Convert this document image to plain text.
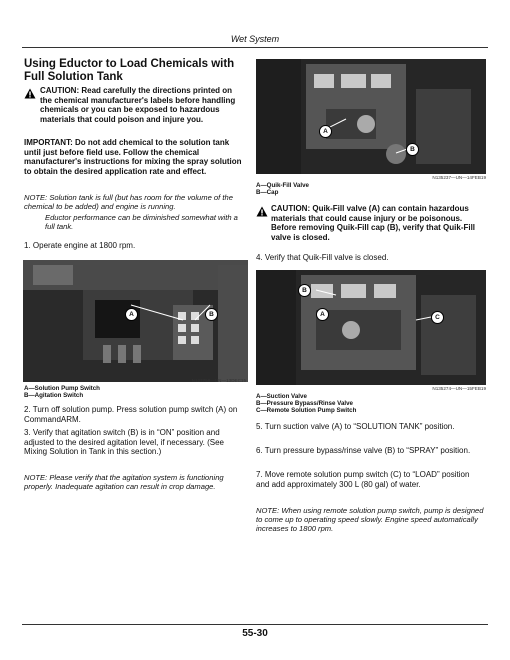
Wet System
Using Eductor to Load Chemicals with Full Solution Tank
CAUTION: Read carefully the directions printed on the chemical manufacturer's labels before handling chemicals or you can be exposed to hazardous materials that could poison and injure you.
IMPORTANT: Do not add chemical to the solution tank until just before field use. Follow the chemical manufacturer's instructions for mixing the spray solution to obtain the desired application rate and effect.
NOTE: Solution tank is full (but has room for the volume of the chemical to be added) and engine is running.
Eductor performance can be diminished somewhat with a full tank.
1. Operate engine at 1800 rpm.
A	B
N127759—UN—13DEC15
A—Solution Pump Switch
B—Agitation Switch
2. Turn off solution pump. Press solution pump switch (A) on CommandARM.
3. Verify that agitation switch (B) is in “ON” position and adjusted to the desired agitation level, if necessary. (See Mixing Solution in Tank in this section.)
NOTE: Please verify that the agitation system is functioning properly. Inadequate agitation can result in crop damage.
A
B
N135237—UN—14FEB19
A—Quik-Fill Valve
B—Cap
CAUTION: Quik-Fill valve (A) can contain hazardous materials that could cause injury or be poisonous. Before removing Quik-Fill cap (B), verify that Quik-Fill valve is closed.
4. Verify that Quik-Fill valve is closed.
B
A	C
N135274—UN—15FEB19
A—Suction Valve
B—Pressure Bypass/Rinse Valve
C—Remote Solution Pump Switch
5. Turn suction valve (A) to “SOLUTION TANK” position.
6. Turn pressure bypass/rinse valve (B) to “SPRAY” position.
7. Move remote solution pump switch (C) to “LOAD” position and add approximately 300 L (80 gal) of water.
NOTE: When using remote solution pump switch, pump is designed to come up to operating speed slowly. Engine speed automatically increases to 1800 rpm.
55-30
